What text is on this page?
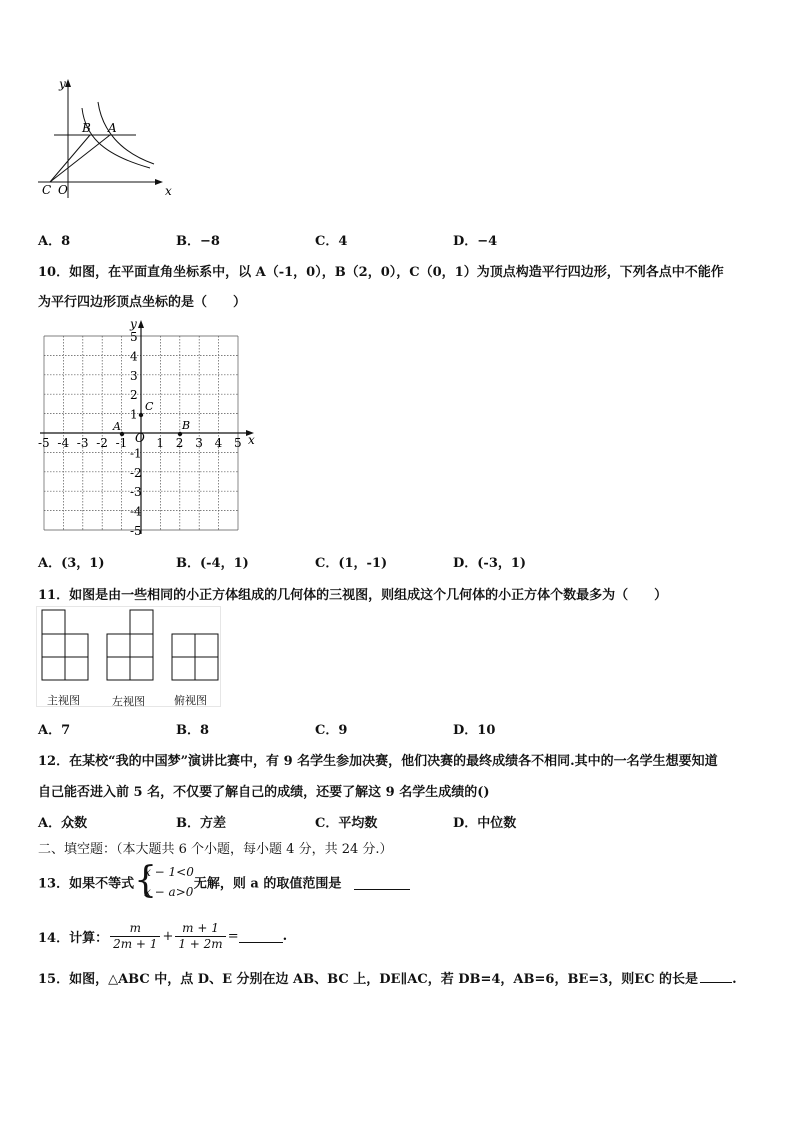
y
x
B A
C O
A．8	B．−8	C．4	D．−4
10．如图，在平面直角坐标系中，以 A（-1，0），B（2，0），C（0，1）为顶点构造平行四边形，下列各点中不能作
为平行四边形顶点坐标的是（　　）
y
x
-5 -4 -3 -2 -1 1 2 3 4 5
5
4
3
2
1
-1
-2
-3
-4
-5
O
A	B
C
A．(3，1)	B．(-4，1)	C．(1，-1)	D．(-3，1)
11．如图是由一些相同的小正方体组成的几何体的三视图，则组成这个几何体的小正方体个数最多为（　　）
主视图	左视图	俯视图
A．7	B．8	C．9	D．10
12．在某校“我的中国梦”演讲比赛中，有 9 名学生参加决赛，他们决赛的最终成绩各不相同.其中的一名学生想要知道
自己能否进入前 5 名，不仅要了解自己的成绩，还要了解这 9 名学生成绩的()
A．众数	B．方差	C．平均数	D．中位数
二、填空题：（本大题共 6 个小题，每小题 4 分，共 24 分.）
13．如果不等式 {
x − 1<0
x − a>0
无解，则 a 的取值范围是
14．计算： $\frac{m}{2m + 1} + \frac{m + 1}{1 + 2m}$ =	.
15．如图，△ABC 中，点 D、E 分别在边 AB、BC 上，DE∥AC，若 DB=4，AB=6，BE=3，则EC 的长是	.
